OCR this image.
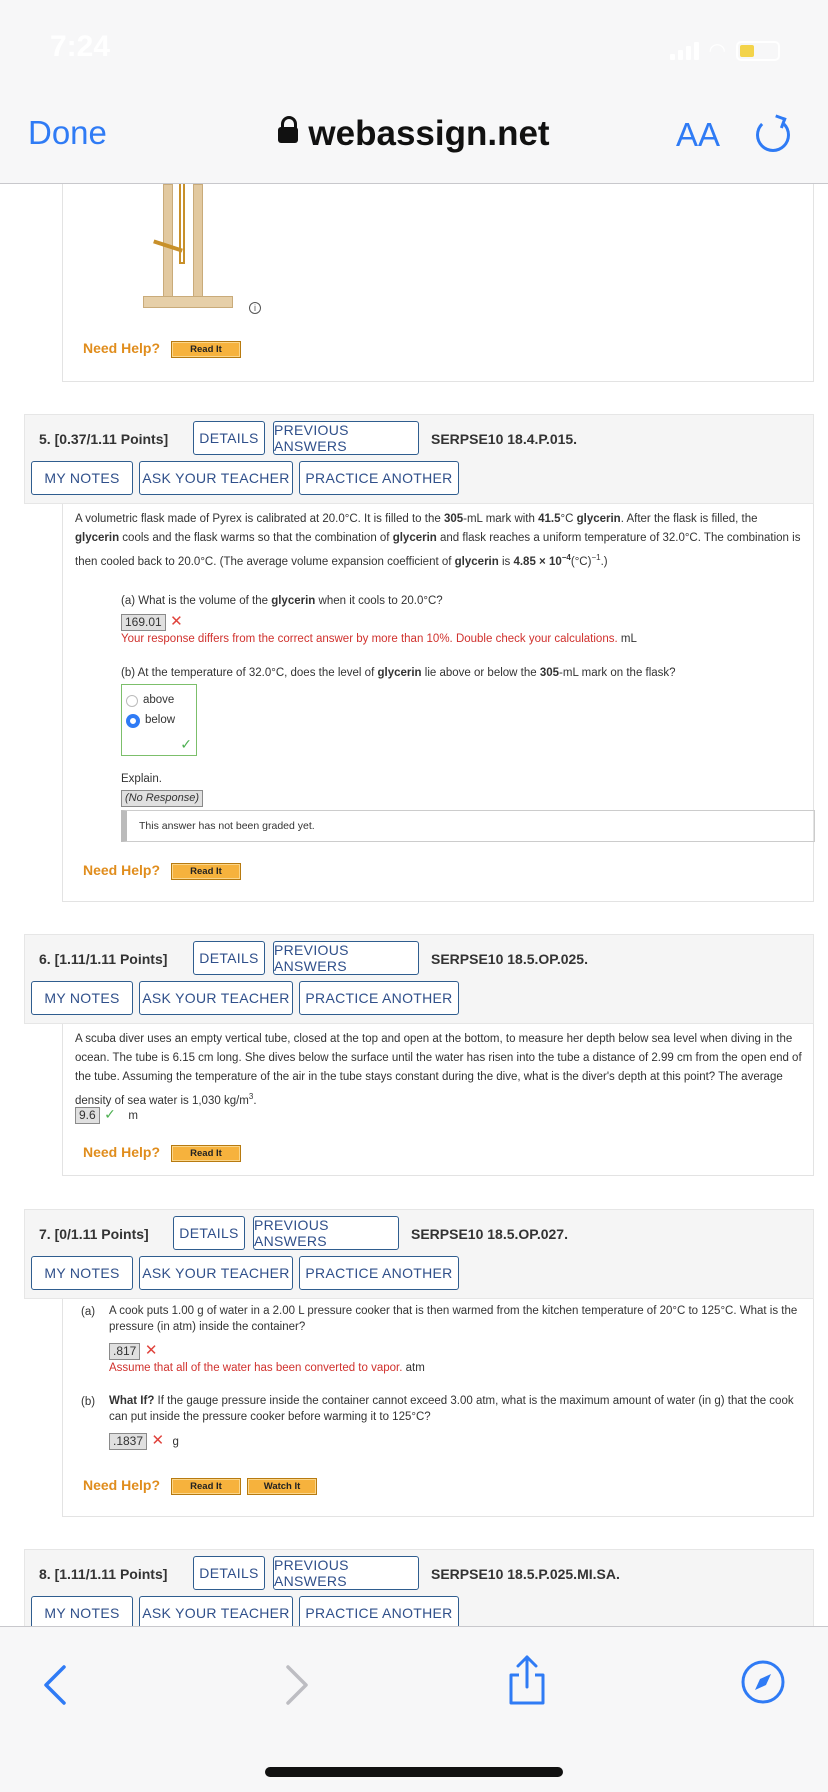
7:24	◠
Done	webassign.net	AA
i
Need Help?	Read It
5. [0.37/1.11 Points]	DETAILS	PREVIOUS ANSWERS	SERPSE10 18.4.P.015.
MY NOTES	ASK YOUR TEACHER	PRACTICE ANOTHER
A volumetric flask made of Pyrex is calibrated at 20.0°C. It is filled to the 305-mL mark with 41.5°C glycerin. After the flask is filled, the glycerin cools and the flask warms so that the combination of glycerin and flask reaches a uniform temperature of 32.0°C. The combination is then cooled back to 20.0°C. (The average volume expansion coefficient of glycerin is $4.85 \times 10^{-4}(^\circ C)^{-1}$.)
(a) What is the volume of the glycerin when it cools to 20.0°C?
169.01 ✕
Your response differs from the correct answer by more than 10%. Double check your calculations. mL
(b) At the temperature of 32.0°C, does the level of glycerin lie above or below the 305-mL mark on the flask?
above
below
✓
Explain.
(No Response)
This answer has not been graded yet.
Need Help?	Read It
6. [1.11/1.11 Points]	DETAILS	PREVIOUS ANSWERS	SERPSE10 18.5.OP.025.
MY NOTES	ASK YOUR TEACHER	PRACTICE ANOTHER
A scuba diver uses an empty vertical tube, closed at the top and open at the bottom, to measure her depth below sea level when diving in the ocean. The tube is 6.15 cm long. She dives below the surface until the water has risen into the tube a distance of 2.99 cm from the open end of the tube. Assuming the temperature of the air in the tube stays constant during the dive, what is the diver's depth at this point? The average density of sea water is 1,030 $kg/m^3$.
9.6 ✓ m
Need Help?	Read It
7. [0/1.11 Points]	DETAILS	PREVIOUS ANSWERS	SERPSE10 18.5.OP.027.
MY NOTES	ASK YOUR TEACHER	PRACTICE ANOTHER
(a) A cook puts 1.00 g of water in a 2.00 L pressure cooker that is then warmed from the kitchen temperature of 20°C to 125°C. What is the pressure (in atm) inside the container?
.817 ✕
Assume that all of the water has been converted to vapor. atm
(b) What If? If the gauge pressure inside the container cannot exceed 3.00 atm, what is the maximum amount of water (in g) that the cook can put inside the pressure cooker before warming it to 125°C?
.1837 ✕ g
Need Help?	Read It	Watch It
8. [1.11/1.11 Points]	DETAILS	PREVIOUS ANSWERS	SERPSE10 18.5.P.025.MI.SA.
MY NOTES	ASK YOUR TEACHER	PRACTICE ANOTHER
